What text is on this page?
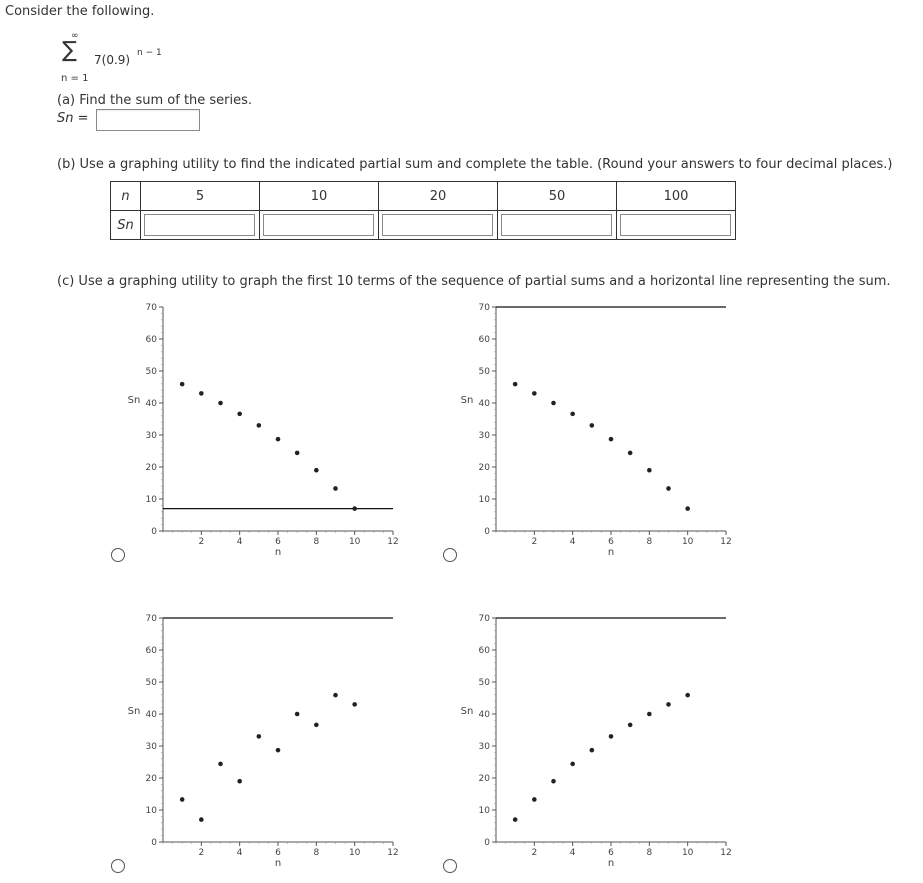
Consider the following.
∞
∑ 7(0.9) n − 1
n = 1
(a) Find the sum of the series.
Sn =
(b) Use a graphing utility to find the indicated partial sum and complete the table. (Round your answers to four decimal places.)
n	5	10	20	50	100
Sn	

(c) Use a graphing utility to graph the first 10 terms of the sequence of partial sums and a horizontal line representing the sum.
0
10
20
30
40
50
60
70
2	4	6	8	10	12
Sn
n
0
10
20
30
40
50
60
70
2	4	6	8	10	12
Sn
n
0
10
20
30
40
50
60
70
2	4	6	8	10	12
Sn
n
0
10
20
30
40
50
60
70
2	4	6	8	10	12
Sn
n
